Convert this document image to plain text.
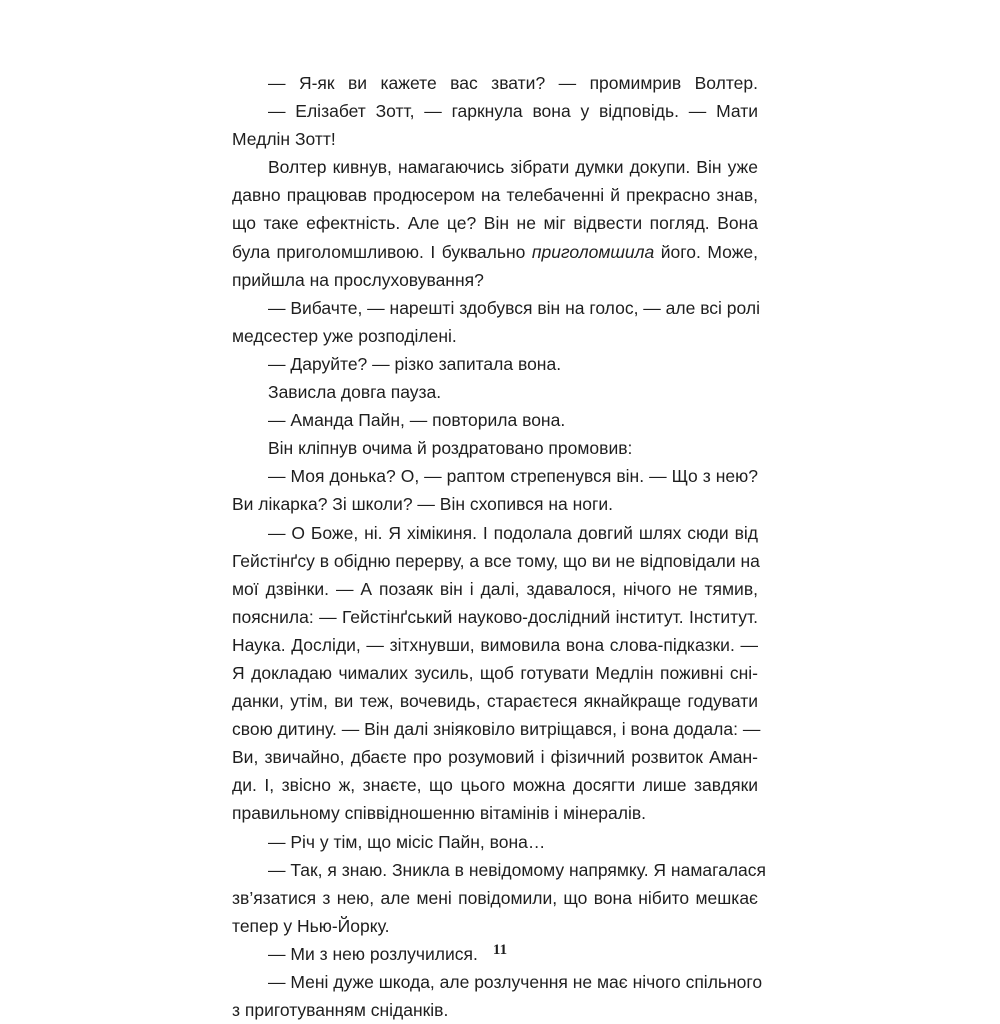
— Я-як ви кажете вас звати? — промимрив Волтер.
— Елізабет Зотт, — гаркнула вона у відповідь. — Мати
Медлін Зотт!
Волтер кивнув, намагаючись зібрати думки докупи. Він уже
давно працював продюсером на телебаченні й прекрасно знав,
що таке ефектність. Але це? Він не міг відвести погляд. Вона
була приголомшливою. І буквально приголомшила його. Може,
прийшла на прослуховування?
— Вибачте, — нарешті здобувся він на голос, — але всі ролі
медсестер уже розподілені.
— Даруйте? — різко запитала вона.
Зависла довга пауза.
— Аманда Пайн, — повторила вона.
Він кліпнув очима й роздратовано промовив:
— Моя донька? О, — раптом стрепенувся він. — Що з нею?
Ви лікарка? Зі школи? — Він схопився на ноги.
— О Боже, ні. Я хімікиня. І подолала довгий шлях сюди від
Гейстінґсу в обідню перерву, а все тому, що ви не відповідали на
мої дзвінки. — А позаяк він і далі, здавалося, нічого не тямив,
пояснила: — Гейстінґський науково-дослідний інститут. Інститут.
Наука. Досліди, — зітхнувши, вимовила вона слова-підказки. —
Я докладаю чималих зусиль, щоб готувати Медлін поживні сні-
данки, утім, ви теж, вочевидь, стараєтеся якнайкраще годувати
свою дитину. — Він далі зніяковіло витріщався, і вона додала: —
Ви, звичайно, дбаєте про розумовий і фізичний розвиток Аман-
ди. І, звісно ж, знаєте, що цього можна досягти лише завдяки
правильному співвідношенню вітамінів і мінералів.
— Річ у тім, що місіс Пайн, вона…
— Так, я знаю. Зникла в невідомому напрямку. Я намагалася
зв’язатися з нею, але мені повідомили, що вона нібито мешкає
тепер у Нью-Йорку.
— Ми з нею розлучилися.
— Мені дуже шкода, але розлучення не має нічого спільного
з приготуванням сніданків.
11
